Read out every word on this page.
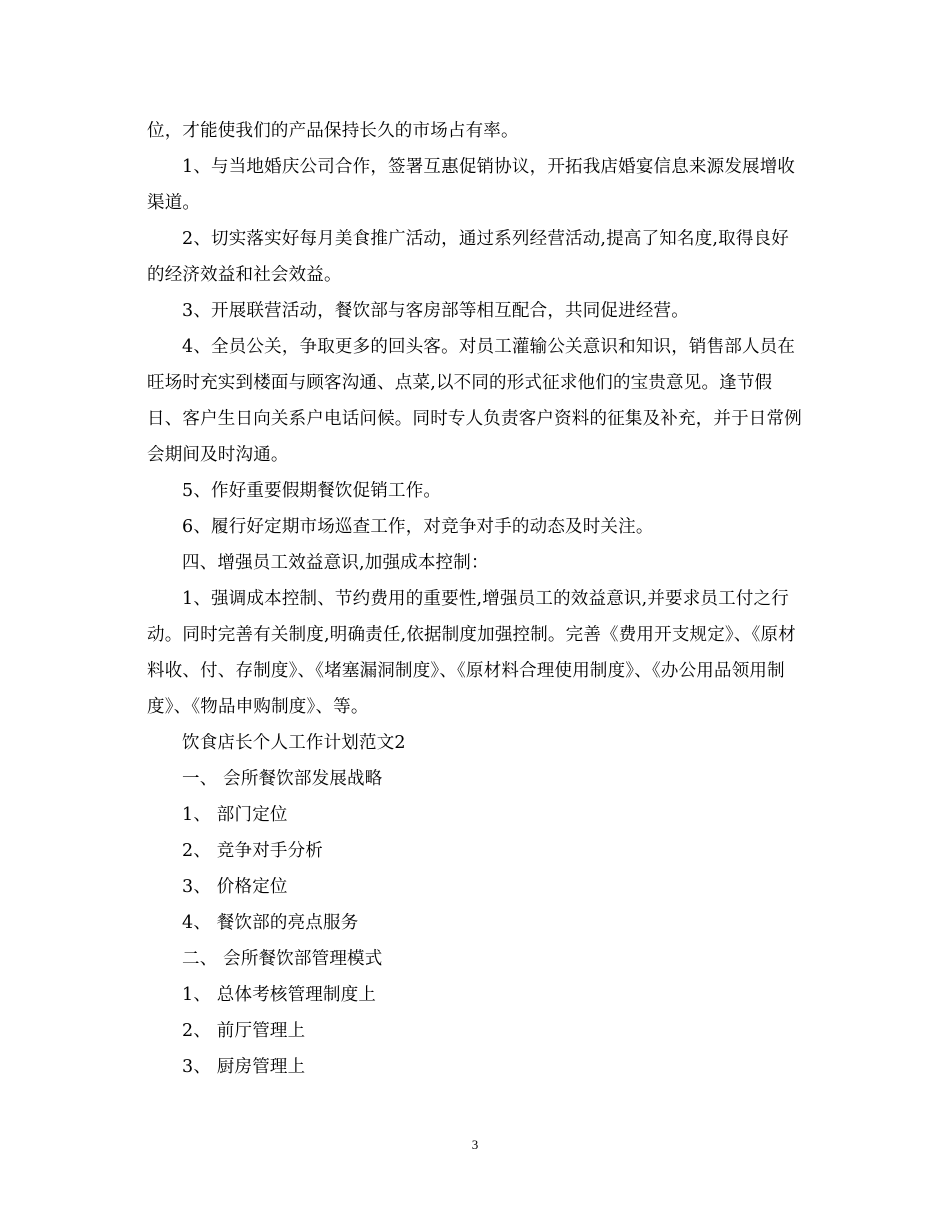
位，才能使我们的产品保持长久的市场占有率。

1、与当地婚庆公司合作，签署互惠促销协议，开拓我店婚宴信息来源发展增收渠道。

2、切实落实好每月美食推广活动，通过系列经营活动,提高了知名度,取得良好的经济效益和社会效益。

3、开展联营活动，餐饮部与客房部等相互配合，共同促进经营。

4、全员公关，争取更多的回头客。对员工灌输公关意识和知识，销售部人员在旺场时充实到楼面与顾客沟通、点菜,以不同的形式征求他们的宝贵意见。逢节假日、客户生日向关系户电话问候。同时专人负责客户资料的征集及补充，并于日常例会期间及时沟通。

5、作好重要假期餐饮促销工作。

6、履行好定期市场巡查工作，对竞争对手的动态及时关注。

四、增强员工效益意识,加强成本控制：

1、强调成本控制、节约费用的重要性,增强员工的效益意识,并要求员工付之行动。同时完善有关制度,明确责任,依据制度加强控制。完善《费用开支规定》、《原材料收、付、存制度》、《堵塞漏洞制度》、《原材料合理使用制度》、《办公用品领用制度》、《物品申购制度》、等。

饮食店长个人工作计划范文2

一、 会所餐饮部发展战略

1、 部门定位

2、 竞争对手分析

3、 价格定位

4、 餐饮部的亮点服务

二、 会所餐饮部管理模式

1、 总体考核管理制度上

2、 前厅管理上

3、 厨房管理上

3
